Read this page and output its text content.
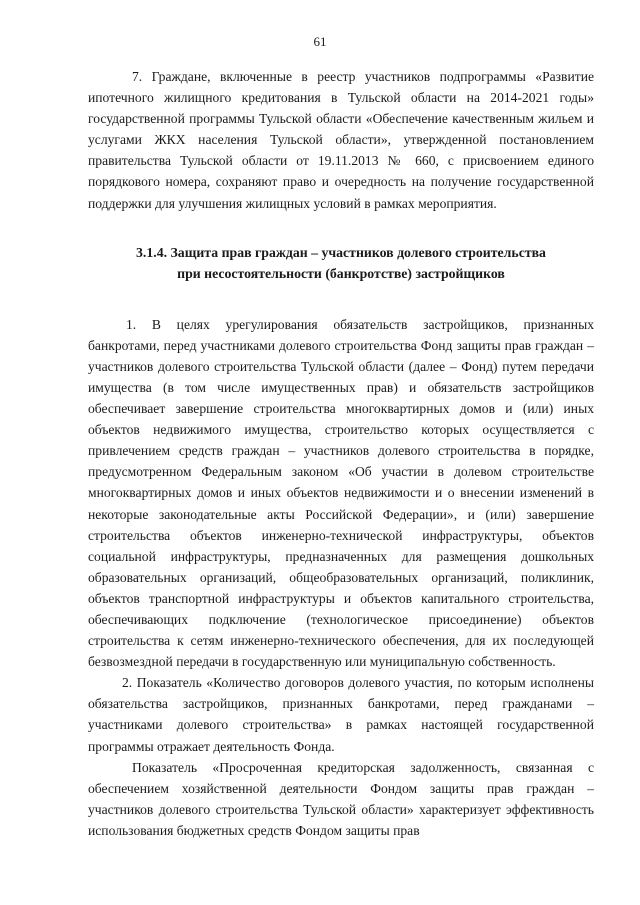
61

7. Граждане, включенные в реестр участников подпрограммы «Развитие ипотечного жилищного кредитования в Тульской области на 2014-2021 годы» государственной программы Тульской области «Обеспечение качественным жильем и услугами ЖКХ населения Тульской области», утвержденной постановлением правительства Тульской области от 19.11.2013 № 660, с присвоением единого порядкового номера, сохраняют право и очередность на получение государственной поддержки для улучшения жилищных условий в рамках мероприятия.

3.1.4. Защита прав граждан – участников долевого строительства
при несостоятельности (банкротстве) застройщиков

1. В целях урегулирования обязательств застройщиков, признанных банкротами, перед участниками долевого строительства Фонд защиты прав граждан – участников долевого строительства Тульской области (далее – Фонд) путем передачи имущества (в том числе имущественных прав) и обязательств застройщиков обеспечивает завершение строительства многоквартирных домов и (или) иных объектов недвижимого имущества, строительство которых осуществляется с привлечением средств граждан – участников долевого строительства в порядке, предусмотренном Федеральным законом «Об участии в долевом строительстве многоквартирных домов и иных объектов недвижимости и о внесении изменений в некоторые законодательные акты Российской Федерации», и (или) завершение строительства объектов инженерно-технической инфраструктуры, объектов социальной инфраструктуры, предназначенных для размещения дошкольных образовательных организаций, общеобразовательных организаций, поликлиник, объектов транспортной инфраструктуры и объектов капитального строительства, обеспечивающих подключение (технологическое присоединение) объектов строительства к сетям инженерно-технического обеспечения, для их последующей безвозмездной передачи в государственную или муниципальную собственность.

2. Показатель «Количество договоров долевого участия, по которым исполнены обязательства застройщиков, признанных банкротами, перед гражданами – участниками долевого строительства» в рамках настоящей государственной программы отражает деятельность Фонда.

Показатель «Просроченная кредиторская задолженность, связанная с обеспечением хозяйственной деятельности Фондом защиты прав граждан – участников долевого строительства Тульской области» характеризует эффективность использования бюджетных средств Фондом защиты прав
